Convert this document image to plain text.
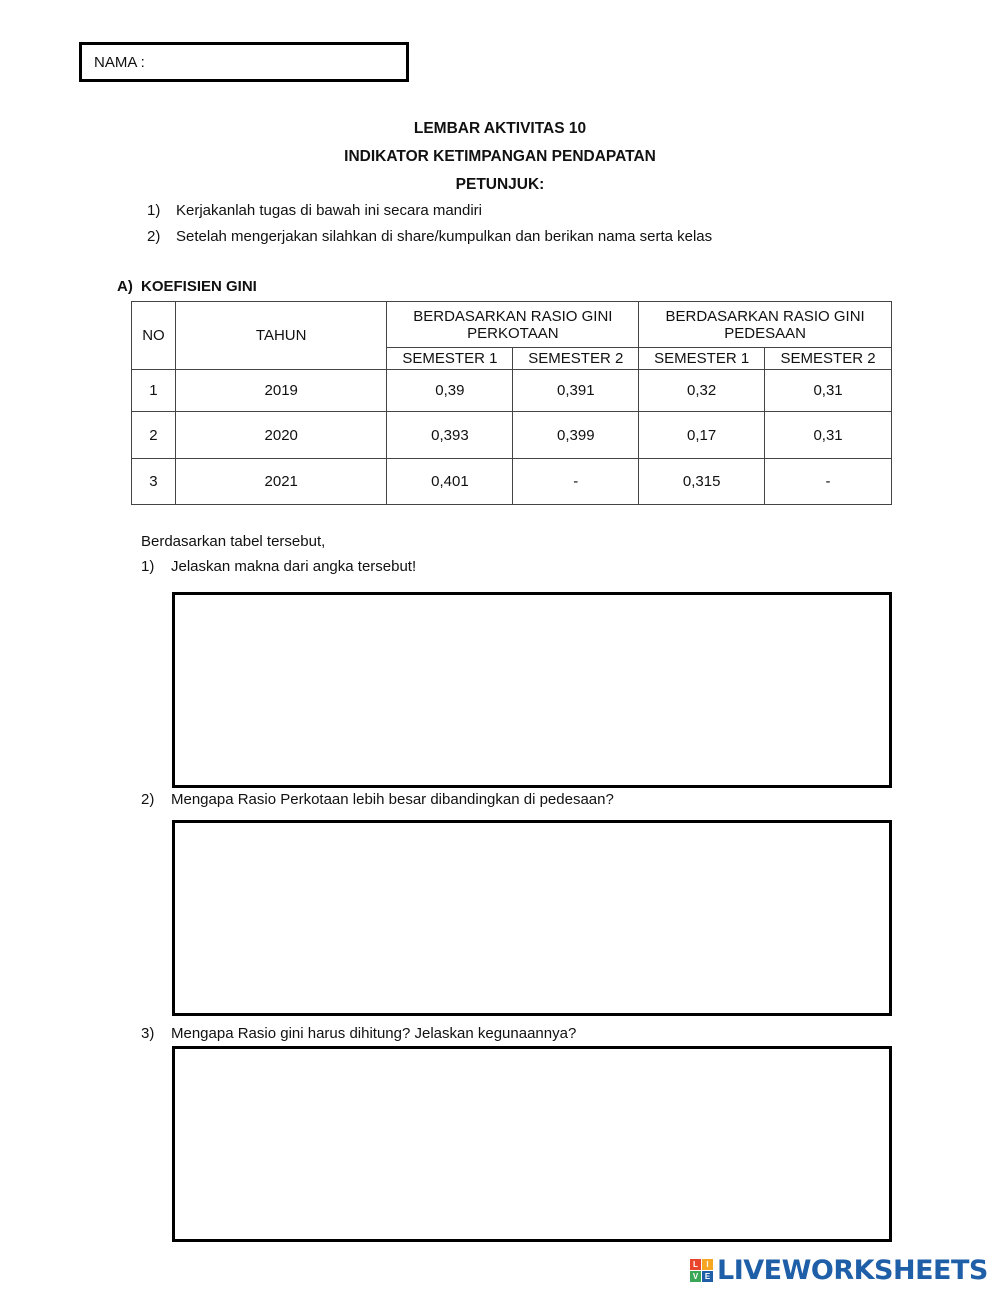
NAMA :
LEMBAR AKTIVITAS 10
INDIKATOR KETIMPANGAN PENDAPATAN
PETUNJUK:
1) Kerjakanlah tugas di bawah ini secara mandiri
2) Setelah mengerjakan silahkan di share/kumpulkan dan berikan nama serta kelas
A) KOEFISIEN GINI
NO	TAHUN	BERDASARKAN RASIO GINI PERKOTAAN		BERDASARKAN RASIO GINI PEDESAAN	
		SEMESTER 1	SEMESTER 2	SEMESTER 1	SEMESTER 2
1	2019	0,39	0,391	0,32	0,31
2	2020	0,393	0,399	0,17	0,31
3	2021	0,401	-	0,315	-
Berdasarkan tabel tersebut,
1) Jelaskan makna dari angka tersebut!
2) Mengapa Rasio Perkotaan lebih besar dibandingkan di pedesaan?
3) Mengapa Rasio gini harus dihitung? Jelaskan kegunaannya?
L	I
V E LIVEWORKSHEETS
